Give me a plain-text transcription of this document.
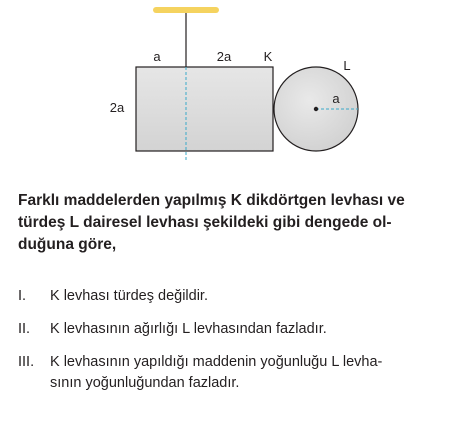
a	2a K
L
2a
a

Farklı maddelerden yapılmış K dikdörtgen levhası ve
türdeş L dairesel levhası şekildeki gibi dengede ol-
duğuna göre,

I. K levhası türdeş değildir.
II. K levhasının ağırlığı L levhasından fazladır.
III. K levhasının yapıldığı maddenin yoğunluğu L levha-
sının yoğunluğundan fazladır.
